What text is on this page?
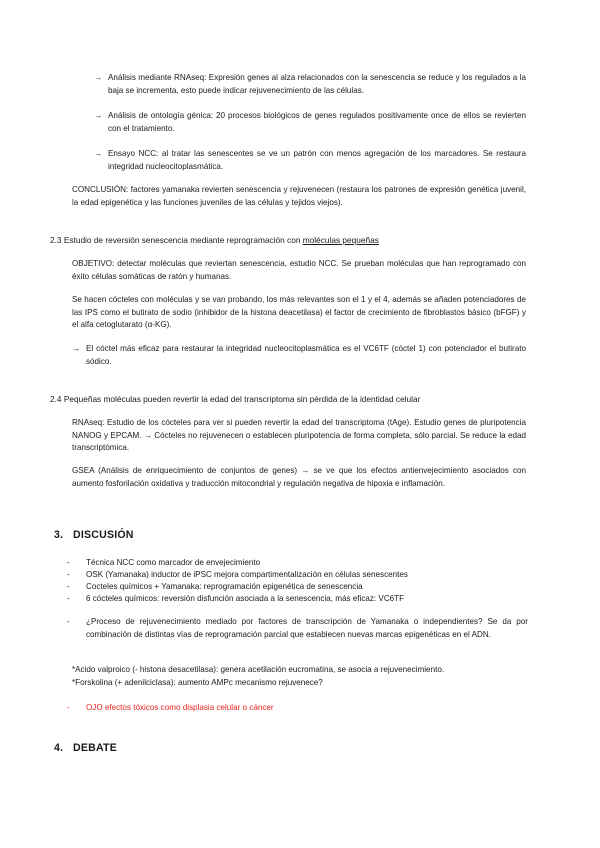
→ Análisis mediante RNAseq: Expresión genes al alza relacionados con la senescencia se reduce y los regulados a la baja se incrementa, esto puede indicar rejuvenecimiento de las células.
→ Análisis de ontología génica: 20 procesos biológicos de genes regulados positivamente once de ellos se revierten con el tratamiento.
→ Ensayo NCC: al tratar las senescentes se ve un patrón con menos agregación de los marcadores. Se restaura integridad nucleocitoplasmática.
CONCLUSIÓN: factores yamanaka revierten senescencia y rejuvenecen (restaura los patrones de expresión genética juvenil, la edad epigenética y las funciones juveniles de las células y tejidos viejos).
2.3 Estudio de reversión senescencia mediante reprogramación con moléculas pequeñas
OBJETIVO: detectar moléculas que reviertan senescencia, estudio NCC. Se prueban moléculas que han reprogramado con éxito células somáticas de ratón y humanas.
Se hacen cócteles con moléculas y se van probando, los más relevantes son el 1 y el 4, además se añaden potenciadores de las IPS como el butirato de sodio (inhibidor de la histona deacetilasa) el factor de crecimiento de fibroblastos básico (bFGF) y el alfa cetoglutarato (α-KG).
→ El cóctel más eficaz para restaurar la integridad nucleocitoplasmática es el VC6TF (cóctel 1) con potenciador el butirato sódico.
2.4 Pequeñas moléculas pueden revertir la edad del transcriptoma sin pérdida de la identidad celular
RNAseq: Estudio de los cócteles para ver si pueden revertir la edad del transcriptoma (tAge). Estudio genes de pluripotencia NANOG y EPCAM. → Cócteles no rejuvenecen o establecen pluripotencia de forma completa, sólo parcial. Se reduce la edad transcriptómica.
GSEA (Análisis de enriquecimiento de conjuntos de genes) → se ve que los efectos antienvejecimiento asociados con aumento fosforilación oxidativa y traducción mitocondrial y regulación negativa de hipoxia e inflamación.
3. DISCUSIÓN
- Técnica NCC como marcador de envejecimiento
- OSK (Yamanaka) inductor de iPSC mejora compartimentalización en células senescentes
- Cocteles químicos + Yamanaka: reprogramación epigenética de senescencia
- 6 cócteles químicos: reversión disfunción asociada a la senescencia, más eficaz: VC6TF
- ¿Proceso de rejuvenecimiento mediado por factores de transcripción de Yamanaka o independientes? Se da por combinación de distintas vías de reprogramación parcial que establecen nuevas marcas epigenéticas en el ADN.
*Acido valproico (- histona desacetilasa): genera acetilación eucromatina, se asocia a rejuvenecimiento.
*Forskolina (+ adenilciclasa): aumento AMPc mecanismo rejuvenece?
- OJO efectos tóxicos como displasia celular o cáncer
4. DEBATE
